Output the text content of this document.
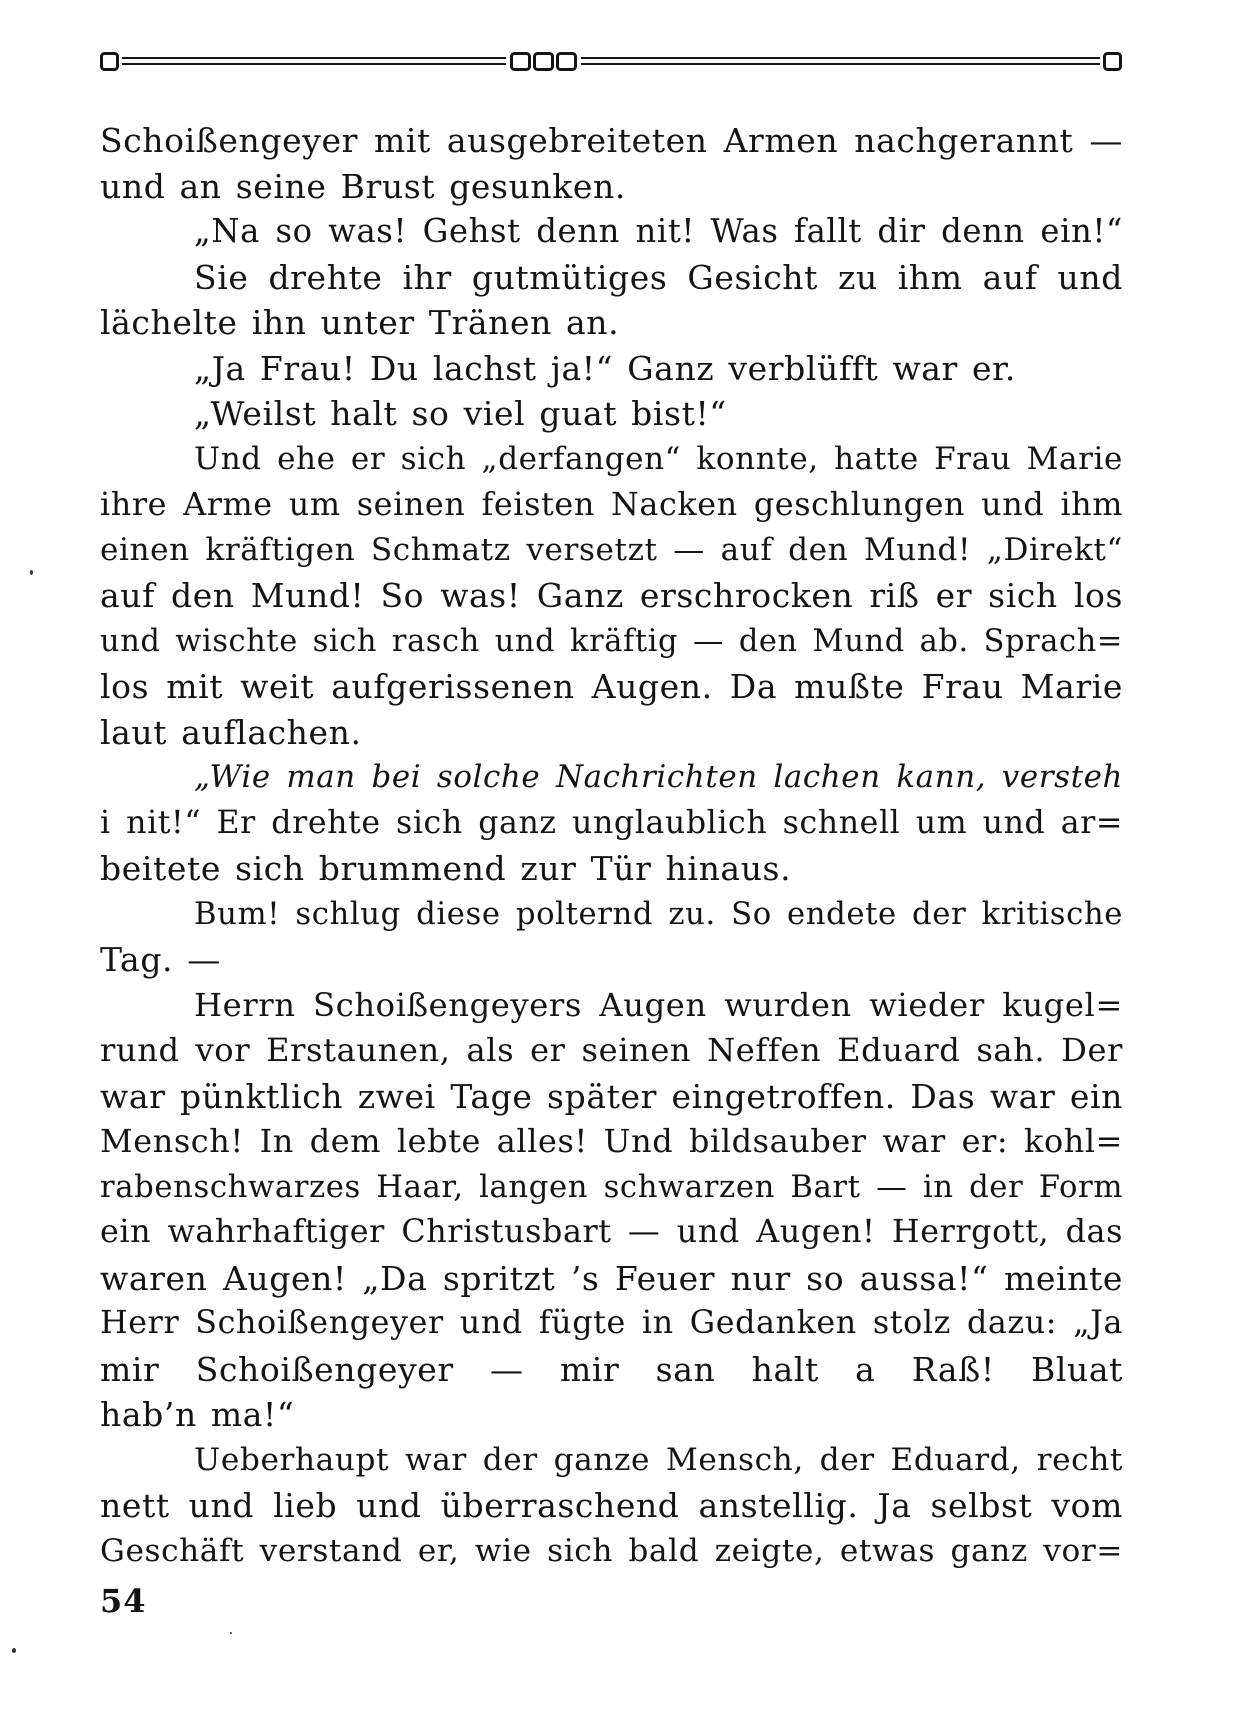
Schoißengeyer mit ausgebreiteten Armen nachgerannt —
und an seine Brust gesunken.
„Na so was! Gehst denn nit! Was fallt dir denn ein!“
Sie drehte ihr gutmütiges Gesicht zu ihm auf und
lächelte ihn unter Tränen an.
„Ja Frau! Du lachst ja!“ Ganz verblüfft war er.
„Weilst halt so viel guat bist!“
Und ehe er sich „derfangen“ konnte, hatte Frau Marie
ihre Arme um seinen feisten Nacken geschlungen und ihm
einen kräftigen Schmatz versetzt — auf den Mund! „Direkt“
auf den Mund! So was! Ganz erschrocken riß er sich los
und wischte sich rasch und kräftig — den Mund ab. Sprach=
los mit weit aufgerissenen Augen. Da mußte Frau Marie
laut auflachen.
„Wie man bei solche Nachrichten lachen kann, versteh
i nit!“ Er drehte sich ganz unglaublich schnell um und ar=
beitete sich brummend zur Tür hinaus.
Bum! schlug diese polternd zu. So endete der kritische
Tag. —
Herrn Schoißengeyers Augen wurden wieder kugel=
rund vor Erstaunen, als er seinen Neffen Eduard sah. Der
war pünktlich zwei Tage später eingetroffen. Das war ein
Mensch! In dem lebte alles! Und bildsauber war er: kohl=
rabenschwarzes Haar, langen schwarzen Bart — in der Form
ein wahrhaftiger Christusbart — und Augen! Herrgott, das
waren Augen! „Da spritzt ’s Feuer nur so aussa!“ meinte
Herr Schoißengeyer und fügte in Gedanken stolz dazu: „Ja
mir Schoißengeyer — mir san halt a Raß! Bluat
hab’n ma!“
Ueberhaupt war der ganze Mensch, der Eduard, recht
nett und lieb und überraschend anstellig. Ja selbst vom
Geschäft verstand er, wie sich bald zeigte, etwas ganz vor=
54
